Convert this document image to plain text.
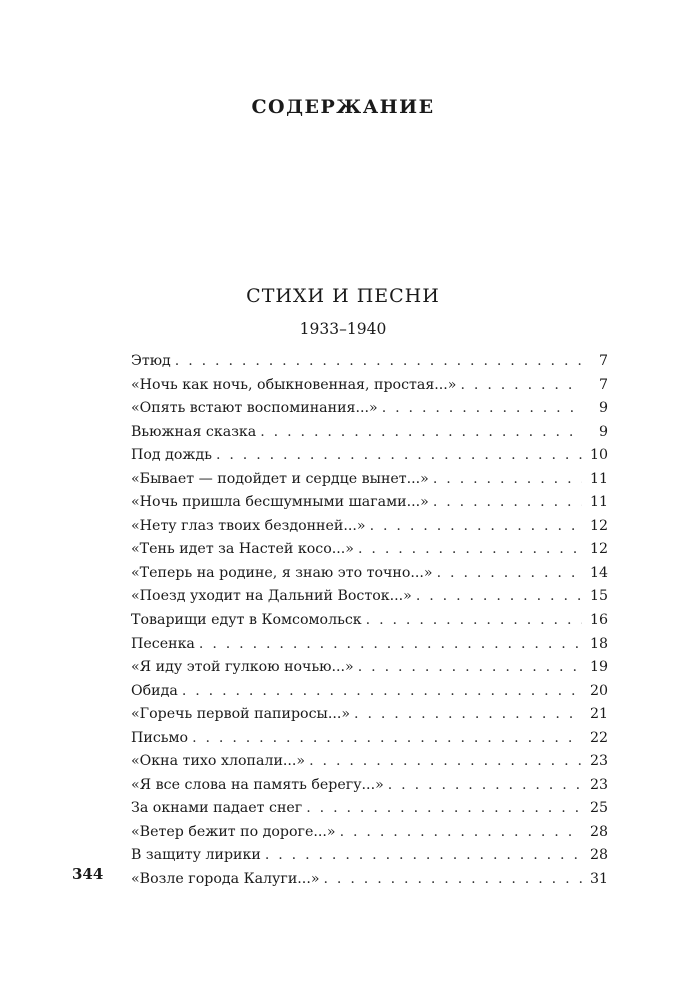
СОДЕРЖАНИЕ
СТИХИ И ПЕСНИ
1933–1940
Этюд . . .	7
«Ночь как ночь, обыкновенная, простая...» . . .	7
«Опять встают воспоминания...» . . .	9
Вьюжная сказка . . .	9
Под дождь . . .	10
«Бывает — подойдет и сердце вынет...» . . .	11
«Ночь пришла бесшумными шагами...» . . .	11
«Нету глаз твоих бездонней...» . . .	12
«Тень идет за Настей косо...» . . .	12
«Теперь на родине, я знаю это точно...» . . .	14
«Поезд уходит на Дальний Восток...» . . .	15
Товарищи едут в Комсомольск . . .	16
Песенка . . .	18
«Я иду этой гулкою ночью...» . . .	19
Обида . . .	20
«Горечь первой папиросы...» . . .	21
Письмо . . .	22
«Окна тихо хлопали...» . . .	23
«Я все слова на память берегу...» . . .	23
За окнами падает снег . . .	25
«Ветер бежит по дороге...» . . .	28
В защиту лирики . . .	28
«Возле города Калуги...» . . .	31
344
